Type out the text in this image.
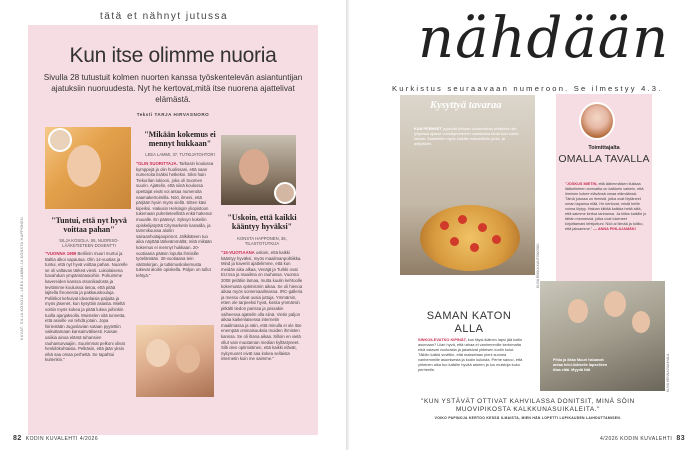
tätä et nähnyt jutussa
Kun itse olimme nuoria
Sivulla 28 tutustuit kolmen nuorten kanssa työskentelevän asiantuntijan ajatuksiin nuoruudesta. Nyt he kertovat,mitä itse nuorena ajattelivat elämästä.
Teksti TARJA HIRVASNORO
"Tuntui, että nyt hyvä voittaa pahan"
SILJA KOSOLA, 55, NUORISO-LÄÄKETIETEEN DOSENTTI
"VUONNA 1989 Berliinin muuri murtui ja Baltia alkoi vapautua. Olin 14-vuotias ja tuntui, että nyt hyvä voittaa pahan. Nuorelle se oli valtavan tärkeä viesti. Lukiolaisena havahduin ympäristöasioihin. Puhuimme kavereiden kanssa otsonikadosta ja levittimme kouluissa tietoa, että pitää lajitella freoneista ja pakkauskouluja. Poliitikot kehuivat ideanlaisia paljaita ja myös jäsenet, kun kysyttiin asiasta. Mieltä voitiin myös kokea ja pitää lukea joihinkin tuolla ajanjaksolla. Muistelen sitä tunnetta, että asioille voi tehdä jotain. Jopa hiiriestään Jugoslavian sotaan pyytettiin vaikuttamaan kansainvälisesti. Kaisan usiikia ainoa elämä tuhansien rauhanturvaajiin. Suurimmat pelkoni olivat henkilökohtaisia. Pelkäsin, että jään yksin eikä saa omaa perhettä. Se tapahtui kuitenkin."
"Mikään kokemus ei mennyt hukkaan"
LEEA LAMMI, 37, TUTKIJATOHTORI
"OLIN SUORITTAJA. Tarkasin koulussa kymppejä ja olin huolissani, että saan numeroita lisäksi hetkeksi. Siksi hain Tiekurilan lukioon, joka oli Suomen suurin. Ajattelin, että siinä koulussa opettajat eivät voi antaa numeroita naamakertoimilla. Nöö, ilmeni, että pärjään hyvin myös siellä. Sitten kävi kipeiksi. Hakusin Helsingin yliopistoon tukemaan puhetieteellistä enkä hakenut muualle. En päässyt. Syksyn kokeilin opiskelijatyötä Citymarketin kassalla, ja tammikuussa aloitin sairaanhoitajaopinnot. Jälkikäteen tuo aika näyttää tärkeämmältä; mitä mikään kokemus ei mennyt hukkaan. 20-vuotiaana pääsin lopulta ihmisille työelämään. 30-vuotiaana tein väitöskirjan, ja tutkimuskokemusta tukevat aloitin opiskella. Paljon on tullut tehtyä."
"Uskoin, että kaikki kääntyy hyväksi"
KONSTA HAPPONEN, 36, TILASTOTUTKIJA
"15-VUOTIAANA uskoin, että kaikki kääntyy hyväksi, myös maailmanpolitiikka. Mind ja kaveriit ajattelimme, että kun meidän aika alkaa, Venäjä ja Turkki ovat EU:ssa ja maailma on rauhassa. Vuonna 2008 pelätiin lamaa, mutta kuulin kehtoolle kokemusta optimismin aikaa. Se oli hienoa aikaa myös somemaailmassa. IRC-galleria ja messu olivat uusia juttuja. Ymmärsin, etten ole tarpeeksi hyvä, koska ymmärsin pitkälti tiedon parissa ja joissakin vaiheessa ajattelin olla siinä. Vietin paljon aikaa kaikenlaisessa internetin maailmassa ja näin, että minulla ei ole itse enempää ominaisuuksia muiden ihmisten kanssa. Se oli ihana aikaa. Silloin en vielä ollut vain muutaman median kyllästyneet. Silti olen optimistinen, että kaikki elävät, nykynuoret eivät saa kokea sellaista internetin kuin me saimme."
KUVAT: SILJA KOSOLA, LEEA LAMMI JA KONSTA HAPPONEN
82 KODIN KUVALEHTI 4/2026
nähdään
Kurkistus seuraavaan numeroon. Se ilmestyy 4.3.
Kysyttyä tavaraa
KUN PERHEET pyysivät juhlaan vuodenkinta piirakoita niin lyhyessä ajassa vuosikymmenen vastauksia tämä kuin toista kertaa. Saaritettiin myös kaikilta mahdollisiin juhla- ja arkipäiviin.
KUVA RIIKKA KANTINKOSKI
Toimittajalta
OMALLA TAVALLA
"JOSKUS MIETIN, että äärimmäisen tiukkaa lääketieteen ammattia on kaikkein vaikein, että ihminen kokee elävänsä omaa elämäänsä. Tämä jutussa on ihmisiä, jotka ovat löytäneet oman tapansa elää. He kertovat, mistä heille voima löytyy. Haluan kiittää kaikkia heitä siitä, että saimme kertoa tarinansa. Ja kiitos kaikille jo tähän mennessä, jotka ovat lukeneet kirjoittamani lehtijuttuni. Nöö ai tiimää ja tuliiko, että jaksamme." — ANNA PIHLAJAMÄKI
SAMAN KATON ALLA
SINKOILEVATKO KIPINÄT, kun täysi-ikäinen lapsi jää kotiin asumaan? Lilan hyvä, että rahaa ei vanhemmille kertomatta eikä ostavat vuokrasta ja jakaisivat yhteisen kodin kulut. Tällöin kaikki sovittiin, että maksetaan pieni summa vanhemmille asumisesta ja kodin kuluista. Perhe sanoo, että yhteinen aika tuo kaikille hyvää arkeen ja luo muistoja koko perheelle.
Pihla ja Ilkka Muuri haluavat antaa teini-ikäiselle lapselleen tilaa elää. Myydä Nät	KUVA HENNA RAUHALA
"KUN YSTÄVÄT OTTIVAT KAHVILASSA DONITSIT, MINÄ SÖIN MUOVIPIKOSTA KALKKUNASUIKALEITA."
VOIKO PAPINOJA KERTOO KESSÄ ILMAISTA, MIEN HÄN LOPETTI LUPIKAUDEN LAIHDUTTAMISEN.
4/2026 KODIN KUVALEHTI 83
